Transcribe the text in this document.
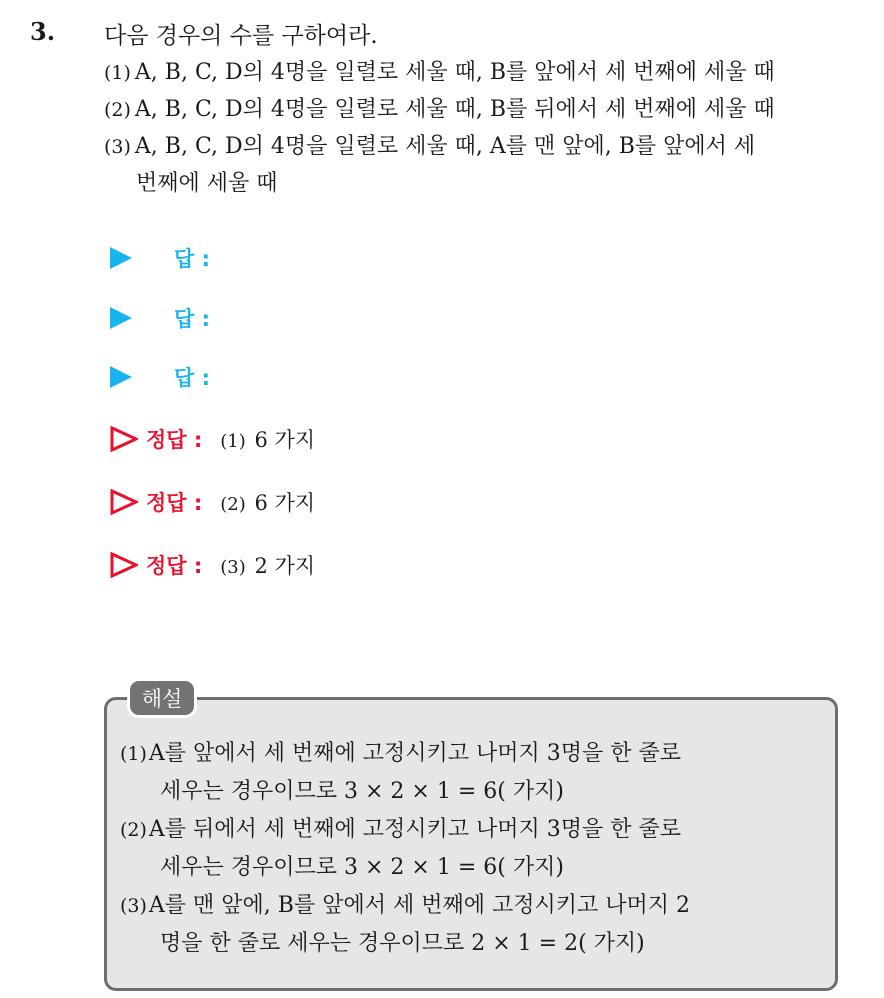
3. 다음 경우의 수를 구하여라.
(1) A, B, C, D의 4명을 일렬로 세울 때, B를 앞에서 세 번째에 세울 때
(2) A, B, C, D의 4명을 일렬로 세울 때, B를 뒤에서 세 번째에 세울 때
(3) A, B, C, D의 4명을 일렬로 세울 때, A를 맨 앞에, B를 앞에서 세
번째에 세울 때
답 :
답 :
답 :
정답 : (1) 6 가지
정답 : (2) 6 가지
정답 : (3) 2 가지
해설
(1)A를 앞에서 세 번째에 고정시키고 나머지 3명을 한 줄로
세우는 경우이므로 3 × 2 × 1 = 6( 가지)
(2)A를 뒤에서 세 번째에 고정시키고 나머지 3명을 한 줄로
세우는 경우이므로 3 × 2 × 1 = 6( 가지)
(3)A를 맨 앞에, B를 앞에서 세 번째에 고정시키고 나머지 2
명을 한 줄로 세우는 경우이므로 2 × 1 = 2( 가지)
